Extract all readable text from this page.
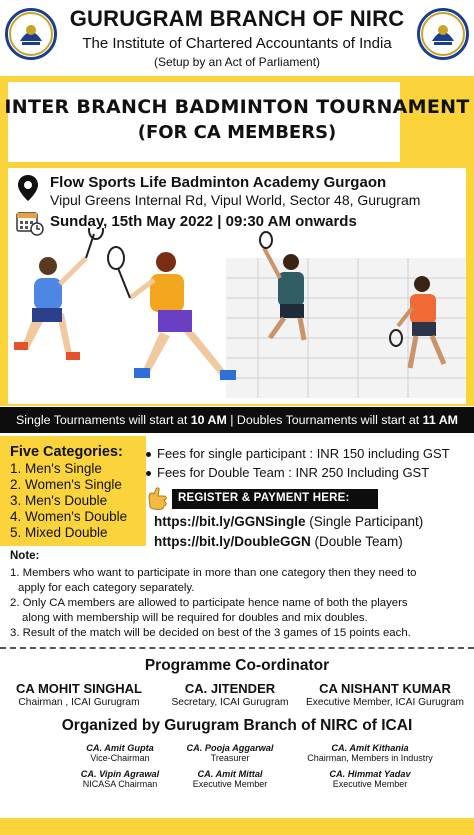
GURUGRAM BRANCH OF NIRC
The Institute of Chartered Accountants of India
(Setup by an Act of Parliament)
INTER BRANCH BADMINTON TOURNAMENT
(FOR CA MEMBERS)
Flow Sports Life Badminton Academy Gurgaon
Vipul Greens Internal Rd, Vipul World, Sector 48, Gurugram
Sunday, 15th May 2022 | 09:30 AM onwards
Single Tournaments will start at 10 AM | Doubles Tournaments will start at 11 AM
Five Categories:
1. Men's Single
2. Women's Single
3. Men's Double
4. Women's Double
5. Mixed Double
Fees for single participant : INR 150 including GST
Fees for Double Team : INR 250 Including GST
REGISTER & PAYMENT HERE:
https://bit.ly/GGNSingle (Single Participant)
https://bit.ly/DoubleGGN (Double Team)
Note:
1. Members who want to participate in more than one category then they need to
apply for each category separately.
2. Only CA members are allowed to participate hence name of both the players
along with membership will be required for doubles and mix doubles.
3. Result of the match will be decided on best of the 3 games of 15 points each.
Programme Co-ordinator
CA MOHIT SINGHAL
Chairman , ICAI Gurugram
CA. JITENDER
Secretary, ICAI Gurugram
CA NISHANT KUMAR
Executive Member, ICAI Gurugram
Organized by Gurugram Branch of NIRC of ICAI
CA. Amit Gupta
Vice-Chairman
CA. Pooja Aggarwal
Treasurer
CA. Amit Kithania
Chairman, Members in Industry
CA. Vipin Agrawal
NICASA Chairman
CA. Amit Mittal
Executive Member
CA. Himmat Yadav
Executive Member
